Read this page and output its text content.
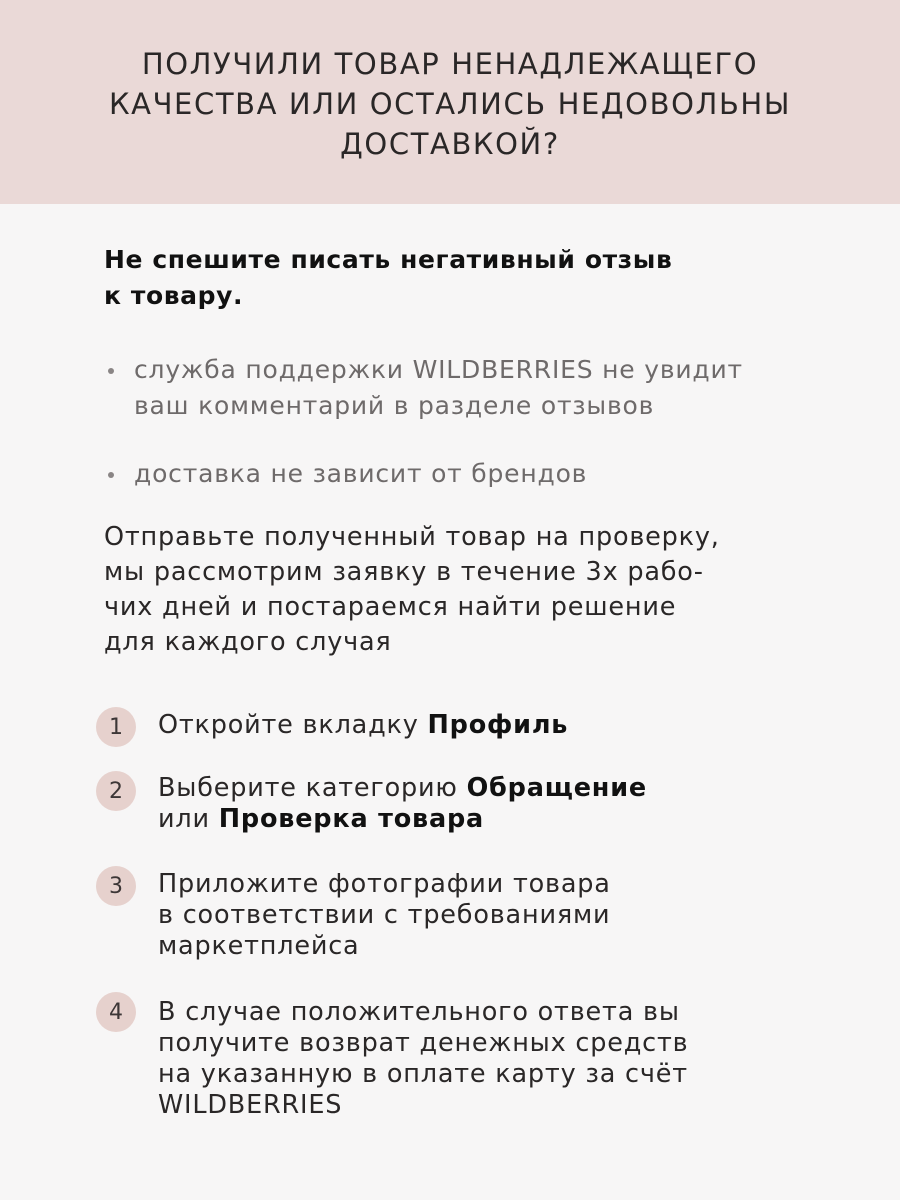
ПОЛУЧИЛИ ТОВАР НЕНАДЛЕЖАЩЕГО
КАЧЕСТВА ИЛИ ОСТАЛИСЬ НЕДОВОЛЬНЫ
ДОСТАВКОЙ?
Не спешите писать негативный отзыв
к товару.
служба поддержки WILDBERRIES не увидит
ваш комментарий в разделе отзывов
доставка не зависит от брендов
Отправьте полученный товар на проверку,
мы рассмотрим заявку в течение 3х рабо-
чих дней и постараемся найти решение
для каждого случая
1	Откройте вкладку Профиль
2	Выберите категорию Обращение
или Проверка товара
3	Приложите фотографии товара
в соответствии с требованиями
маркетплейса
4	В случае положительного ответа вы
получите возврат денежных средств
на указанную в оплате карту за счёт
WILDBERRIES
